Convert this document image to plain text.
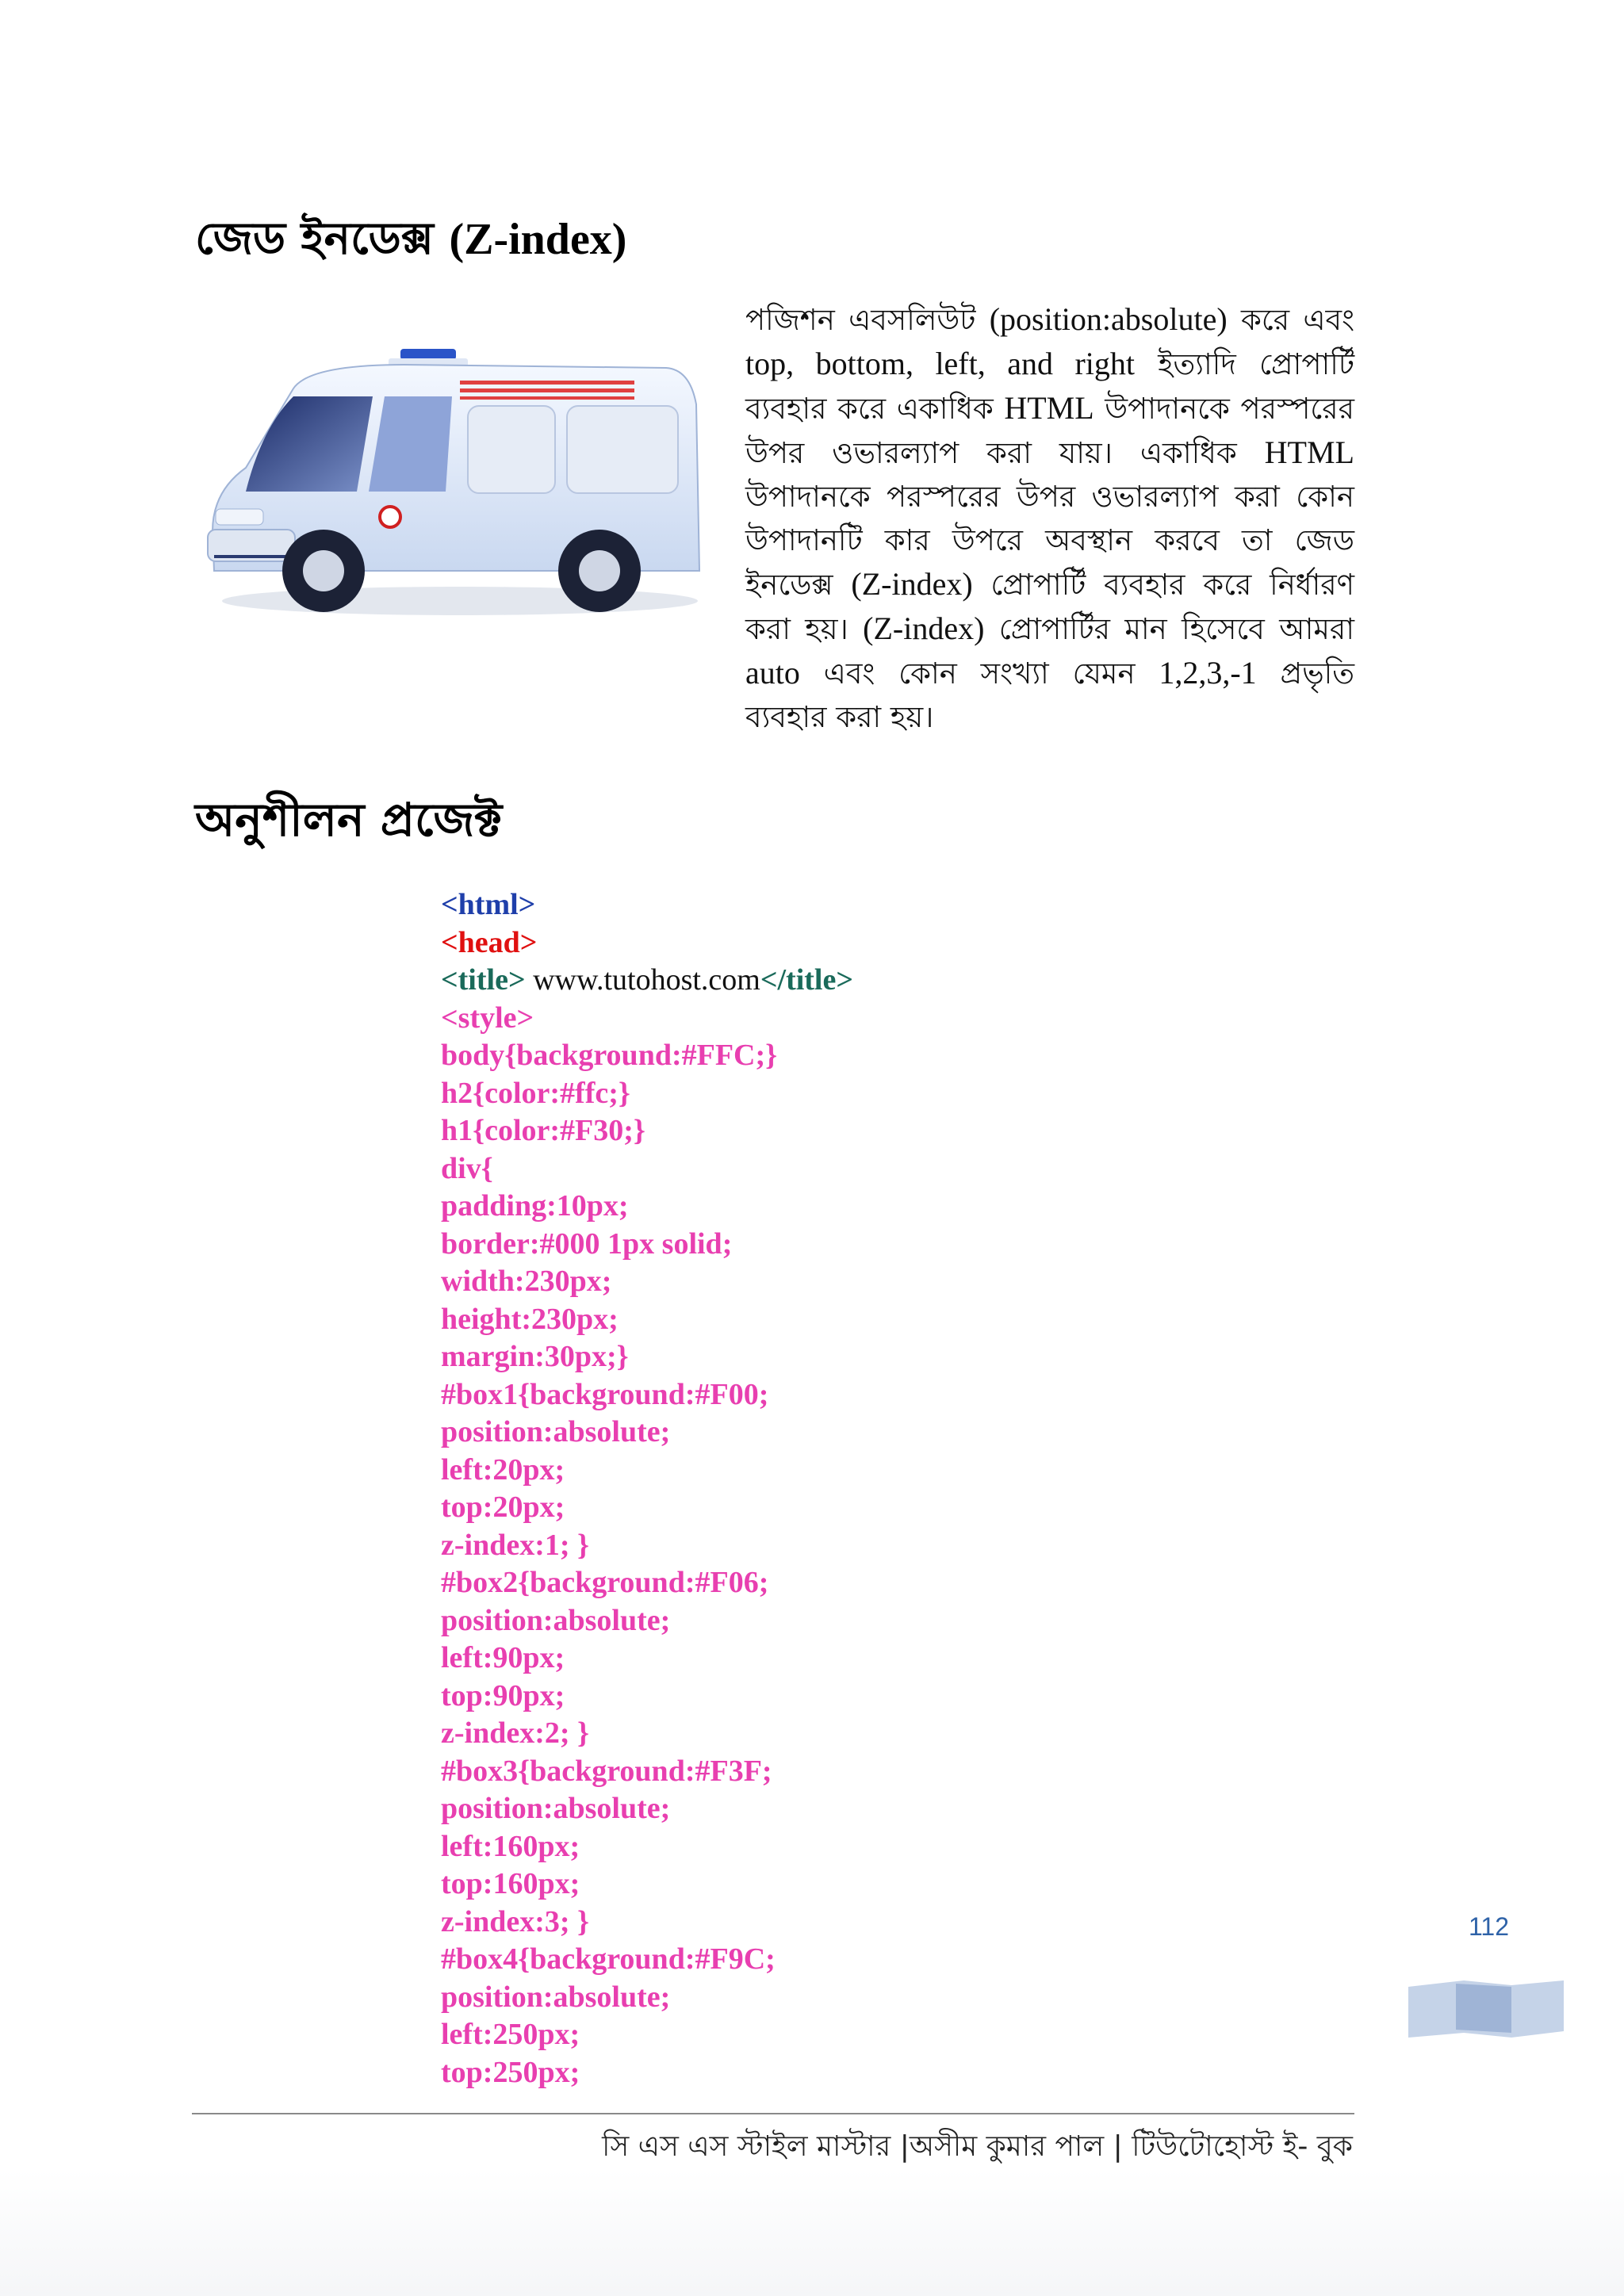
জেড ইনডেক্স (Z-index)
পজিশন এবসলিউট (position:absolute) করে এবং top, bottom, left, and right ইত্যাদি প্রোপার্টি ব্যবহার করে একাধিক HTML উপাদানকে পরস্পরের উপর ওভারল্যাপ করা যায়। একাধিক HTML উপাদানকে পরস্পরের উপর ওভারল্যাপ করা কোন উপাদানটি কার উপরে অবস্থান করবে তা জেড ইনডেক্স (Z-index) প্রোপার্টি ব্যবহার করে নির্ধারণ করা হয়। (Z-index) প্রোপার্টির মান হিসেবে আমরা auto এবং কোন সংখ্যা যেমন 1,2,3,-1 প্রভৃতি ব্যবহার করা হয়।
অনুশীলন প্রজেক্ট
<html>
<head>
<title> www.tutohost.com</title>
<style>
body{background:#FFC;}
h2{color:#ffc;}
h1{color:#F30;}
div{
padding:10px;
border:#000 1px solid;
width:230px;
height:230px;
margin:30px;}
#box1{background:#F00;
position:absolute;
left:20px;
top:20px;
z-index:1; }
#box2{background:#F06;
position:absolute;
left:90px;
top:90px;
z-index:2; }
#box3{background:#F3F;
position:absolute;
left:160px;
top:160px;
z-index:3; }
#box4{background:#F9C;
position:absolute;
left:250px;
top:250px;
112
সি এস এস স্টাইল মাস্টার |অসীম কুমার পাল | টিউটোহোস্ট ই- বুক
